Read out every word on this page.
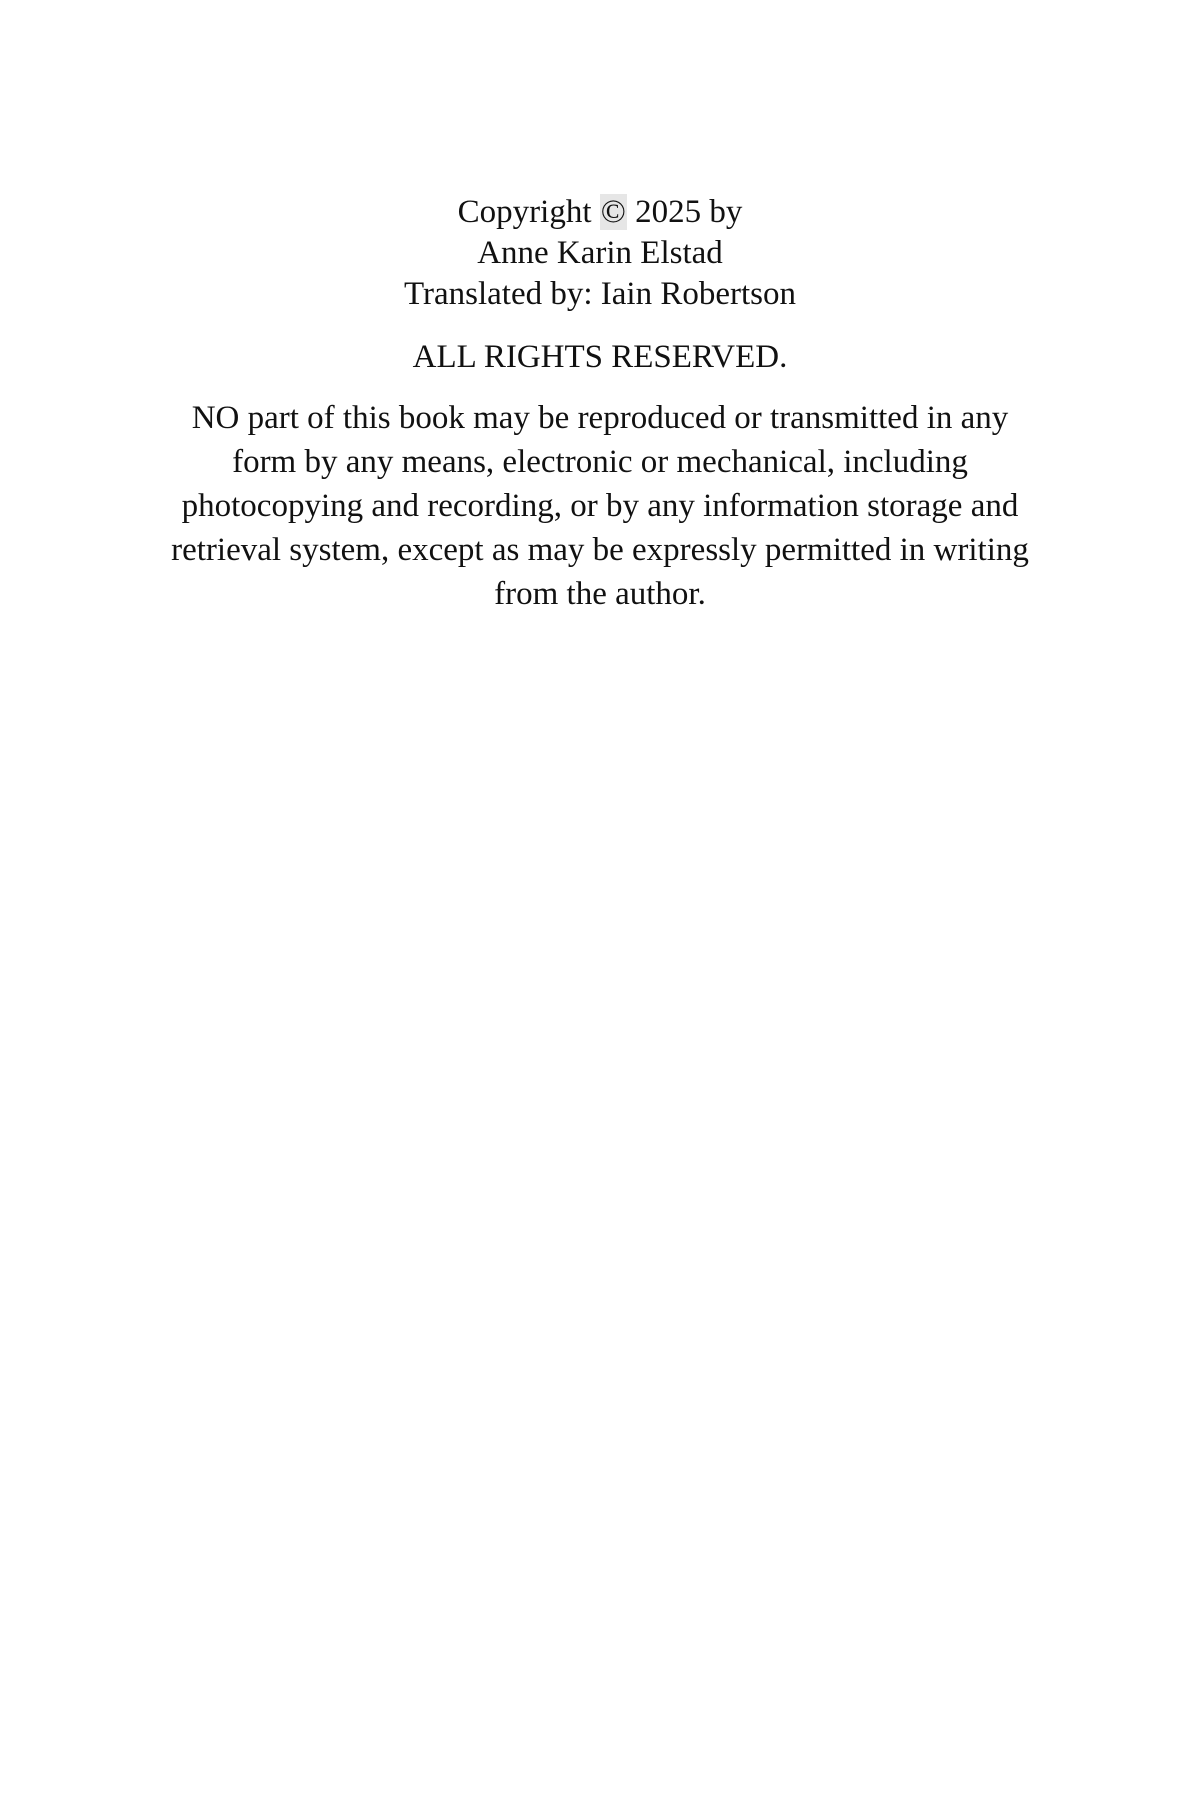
Copyright © 2025 by
Anne Karin Elstad
Translated by: Iain Robertson
ALL RIGHTS RESERVED.
NO part of this book may be reproduced or transmitted in any form by any means, electronic or mechanical, including photocopying and recording, or by any information storage and retrieval system, except as may be expressly permitted in writing from the author.
